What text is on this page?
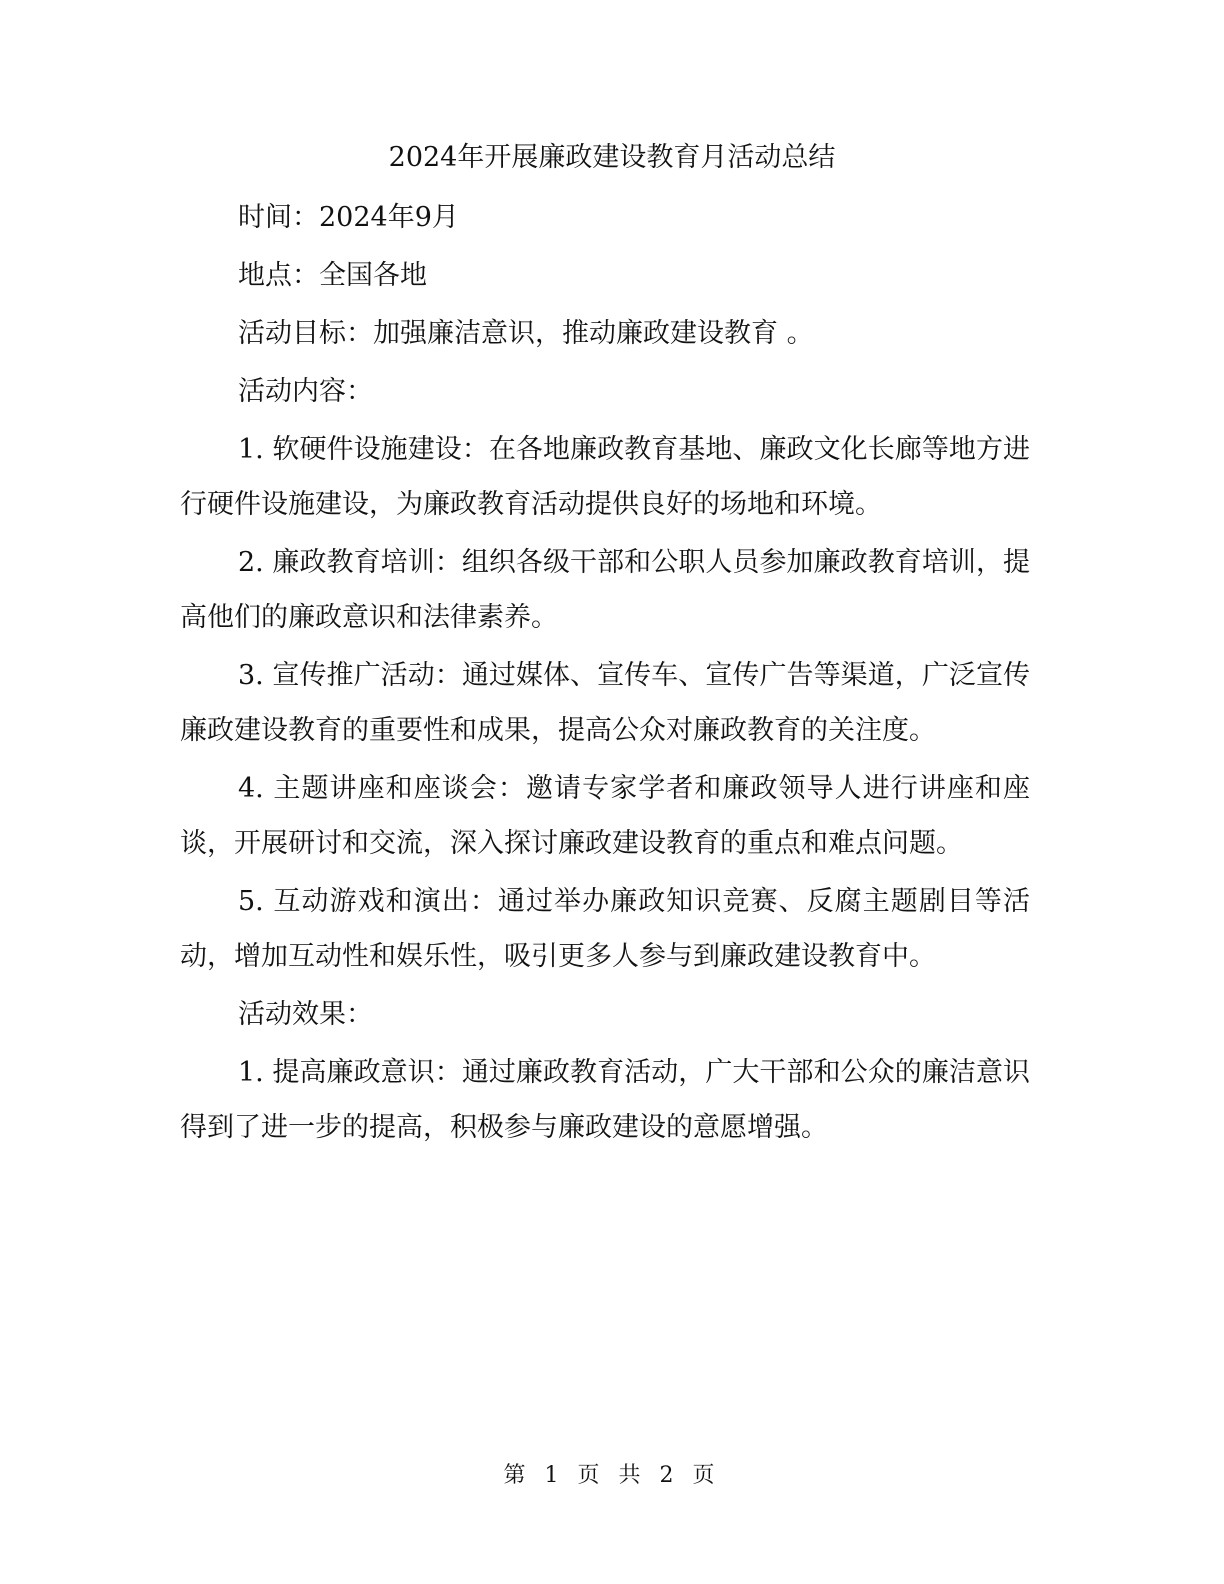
2024年开展廉政建设教育月活动总结

时间：2024年9月

地点：全国各地

活动目标：加强廉洁意识，推动廉政建设教育 。

活动内容：

1. 软硬件设施建设：在各地廉政教育基地、廉政文化长廊等地方进行硬件设施建设，为廉政教育活动提供良好的场地和环境。

2. 廉政教育培训：组织各级干部和公职人员参加廉政教育培训，提高他们的廉政意识和法律素养。

3. 宣传推广活动：通过媒体、宣传车、宣传广告等渠道，广泛宣传廉政建设教育的重要性和成果，提高公众对廉政教育的关注度。

4. 主题讲座和座谈会：邀请专家学者和廉政领导人进行讲座和座谈，开展研讨和交流，深入探讨廉政建设教育的重点和难点问题。

5. 互动游戏和演出：通过举办廉政知识竞赛、反腐主题剧目等活动，增加互动性和娱乐性，吸引更多人参与到廉政建设教育中。

活动效果：

1. 提高廉政意识：通过廉政教育活动，广大干部和公众的廉洁意识得到了进一步的提高，积极参与廉政建设的意愿增强。

第 1 页 共 2 页
